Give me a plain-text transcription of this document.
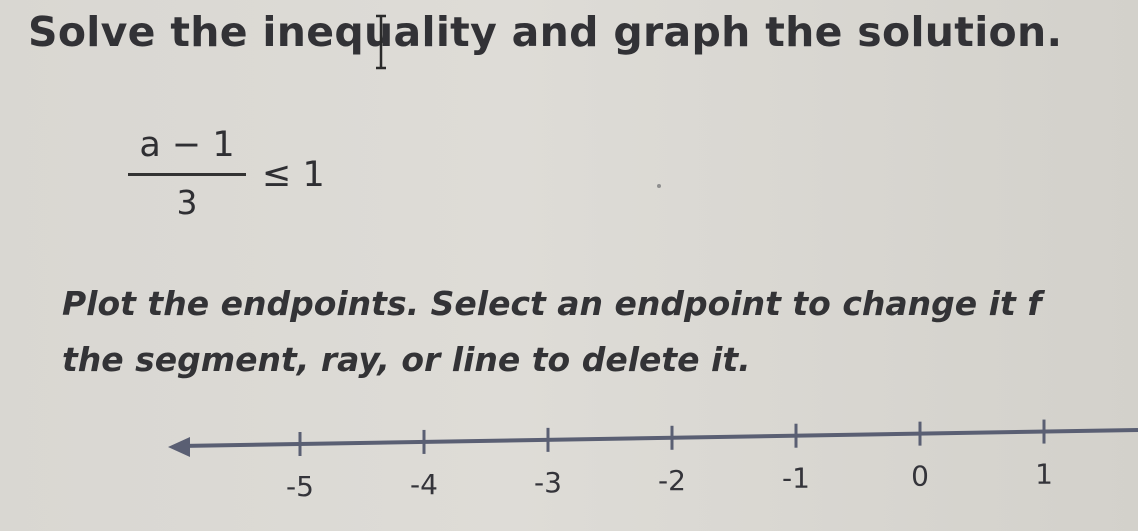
Solve the inequality and graph the solution.
a − 1
3
≤ 1
Plot the endpoints. Select an endpoint to change it f
the segment, ray, or line to delete it.
-5	-4	-3	-2	-1	0	1
